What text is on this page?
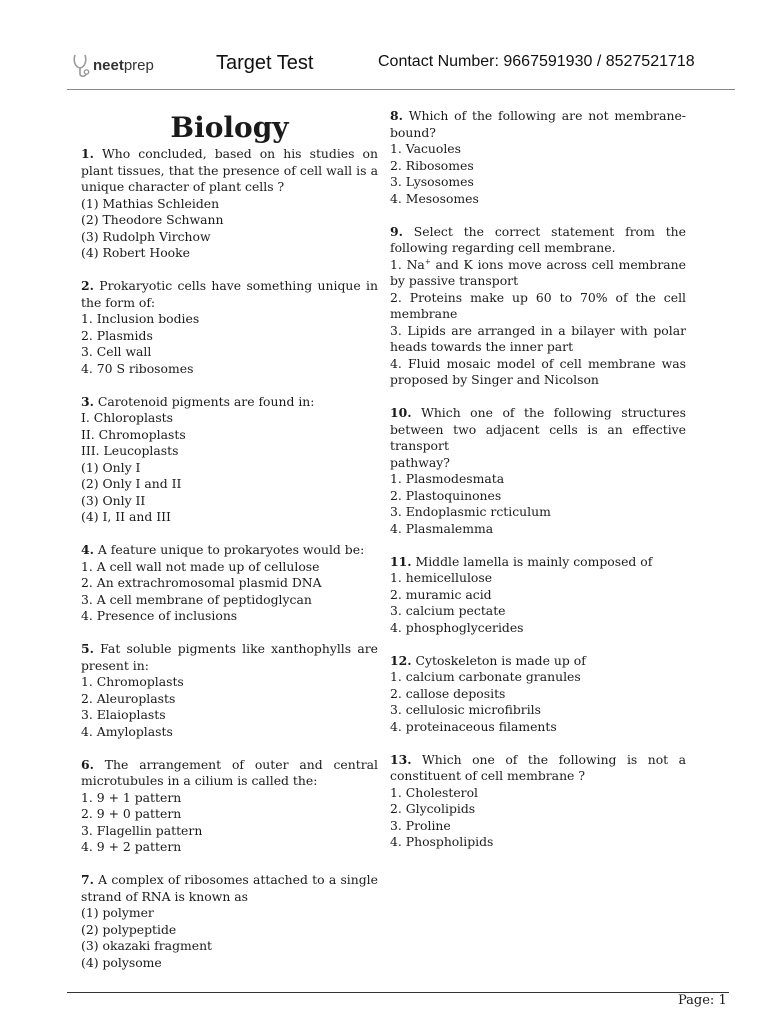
neet prep	Target Test	Contact Number: 9667591930 / 8527521718
Biology
1. Who concluded, based on his studies on plant tissues, that the presence of cell wall is a unique character of plant cells ?
(1) Mathias Schleiden
(2) Theodore Schwann
(3) Rudolph Virchow
(4) Robert Hooke
2. Prokaryotic cells have something unique in the form of:
1. Inclusion bodies
2. Plasmids
3. Cell wall
4. 70 S ribosomes
3. Carotenoid pigments are found in:
I. Chloroplasts
II. Chromoplasts
III. Leucoplasts
(1) Only I
(2) Only I and II
(3) Only II
(4) I, II and III
4. A feature unique to prokaryotes would be:
1. A cell wall not made up of cellulose
2. An extrachromosomal plasmid DNA
3. A cell membrane of peptidoglycan
4. Presence of inclusions
5. Fat soluble pigments like xanthophylls are present in:
1. Chromoplasts
2. Aleuroplasts
3. Elaioplasts
4. Amyloplasts
6. The arrangement of outer and central microtubules in a cilium is called the:
1. 9 + 1 pattern
2. 9 + 0 pattern
3. Flagellin pattern
4. 9 + 2 pattern
7. A complex of ribosomes attached to a single strand of RNA is known as
(1) polymer
(2) polypeptide
(3) okazaki fragment
(4) polysome
8. Which of the following are not membrane-bound?
1. Vacuoles
2. Ribosomes
3. Lysosomes
4. Mesosomes
9. Select the correct statement from the following regarding cell membrane.
1. Na+ and K ions move across cell membrane by passive transport
2. Proteins make up 60 to 70% of the cell membrane
3. Lipids are arranged in a bilayer with polar heads towards the inner part
4. Fluid mosaic model of cell membrane was proposed by Singer and Nicolson
10. Which one of the following structures between two adjacent cells is an effective transport
pathway?
1. Plasmodesmata
2. Plastoquinones
3. Endoplasmic rcticulum
4. Plasmalemma
11. Middle lamella is mainly composed of
1. hemicellulose
2. muramic acid
3. calcium pectate
4. phosphoglycerides
12. Cytoskeleton is made up of
1. calcium carbonate granules
2. callose deposits
3. cellulosic microfibrils
4. proteinaceous filaments
13. Which one of the following is not a constituent of cell membrane ?
1. Cholesterol
2. Glycolipids
3. Proline
4. Phospholipids
Page: 1
